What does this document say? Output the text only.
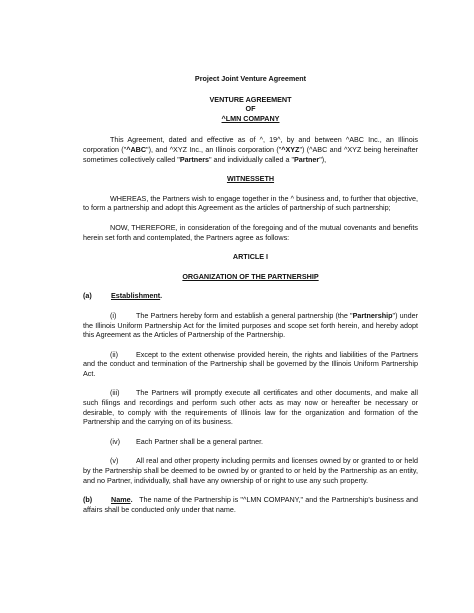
Project Joint Venture Agreement

VENTURE AGREEMENT

OF

^LMN COMPANY

This Agreement, dated and effective as of ^, 19^, by and between ^ABC Inc., an Illinois corporation ("^ABC"), and ^XYZ Inc., an Illinois corporation ("^XYZ") (^ABC and ^XYZ being hereinafter sometimes collectively called "Partners" and individually called a "Partner"),

WITNESSETH

WHEREAS, the Partners wish to engage together in the ^ business and, to further that objective, to form a partnership and adopt this Agreement as the articles of partnership of such partnership;

NOW, THEREFORE, in consideration of the foregoing and of the mutual covenants and benefits herein set forth and contemplated, the Partners agree as follows:

ARTICLE I

ORGANIZATION OF THE PARTNERSHIP

(a)	Establishment.

(i)	The Partners hereby form and establish a general partnership (the "Partnership") under the Illinois Uniform Partnership Act for the limited purposes and scope set forth herein, and hereby adopt this Agreement as the Articles of Partnership of the Partnership.

(ii)	Except to the extent otherwise provided herein, the rights and liabilities of the Partners and the conduct and termination of the Partnership shall be governed by the Illinois Uniform Partnership Act.

(iii) The Partners will promptly execute all certificates and other documents, and make all such filings and recordings and perform such other acts as may now or hereafter be necessary or desirable, to comply with the requirements of Illinois law for the organization and formation of the Partnership and the carrying on of its business.

(iv) Each Partner shall be a general partner.

(v) All real and other property including permits and licenses owned by or granted to or held by the Partnership shall be deemed to be owned by or granted to or held by the Partnership as an entity, and no Partner, individually, shall have any ownership of or right to use any such property.

(b)	Name. The name of the Partnership is "^LMN COMPANY," and the Partnership's business and affairs shall be conducted only under that name.
